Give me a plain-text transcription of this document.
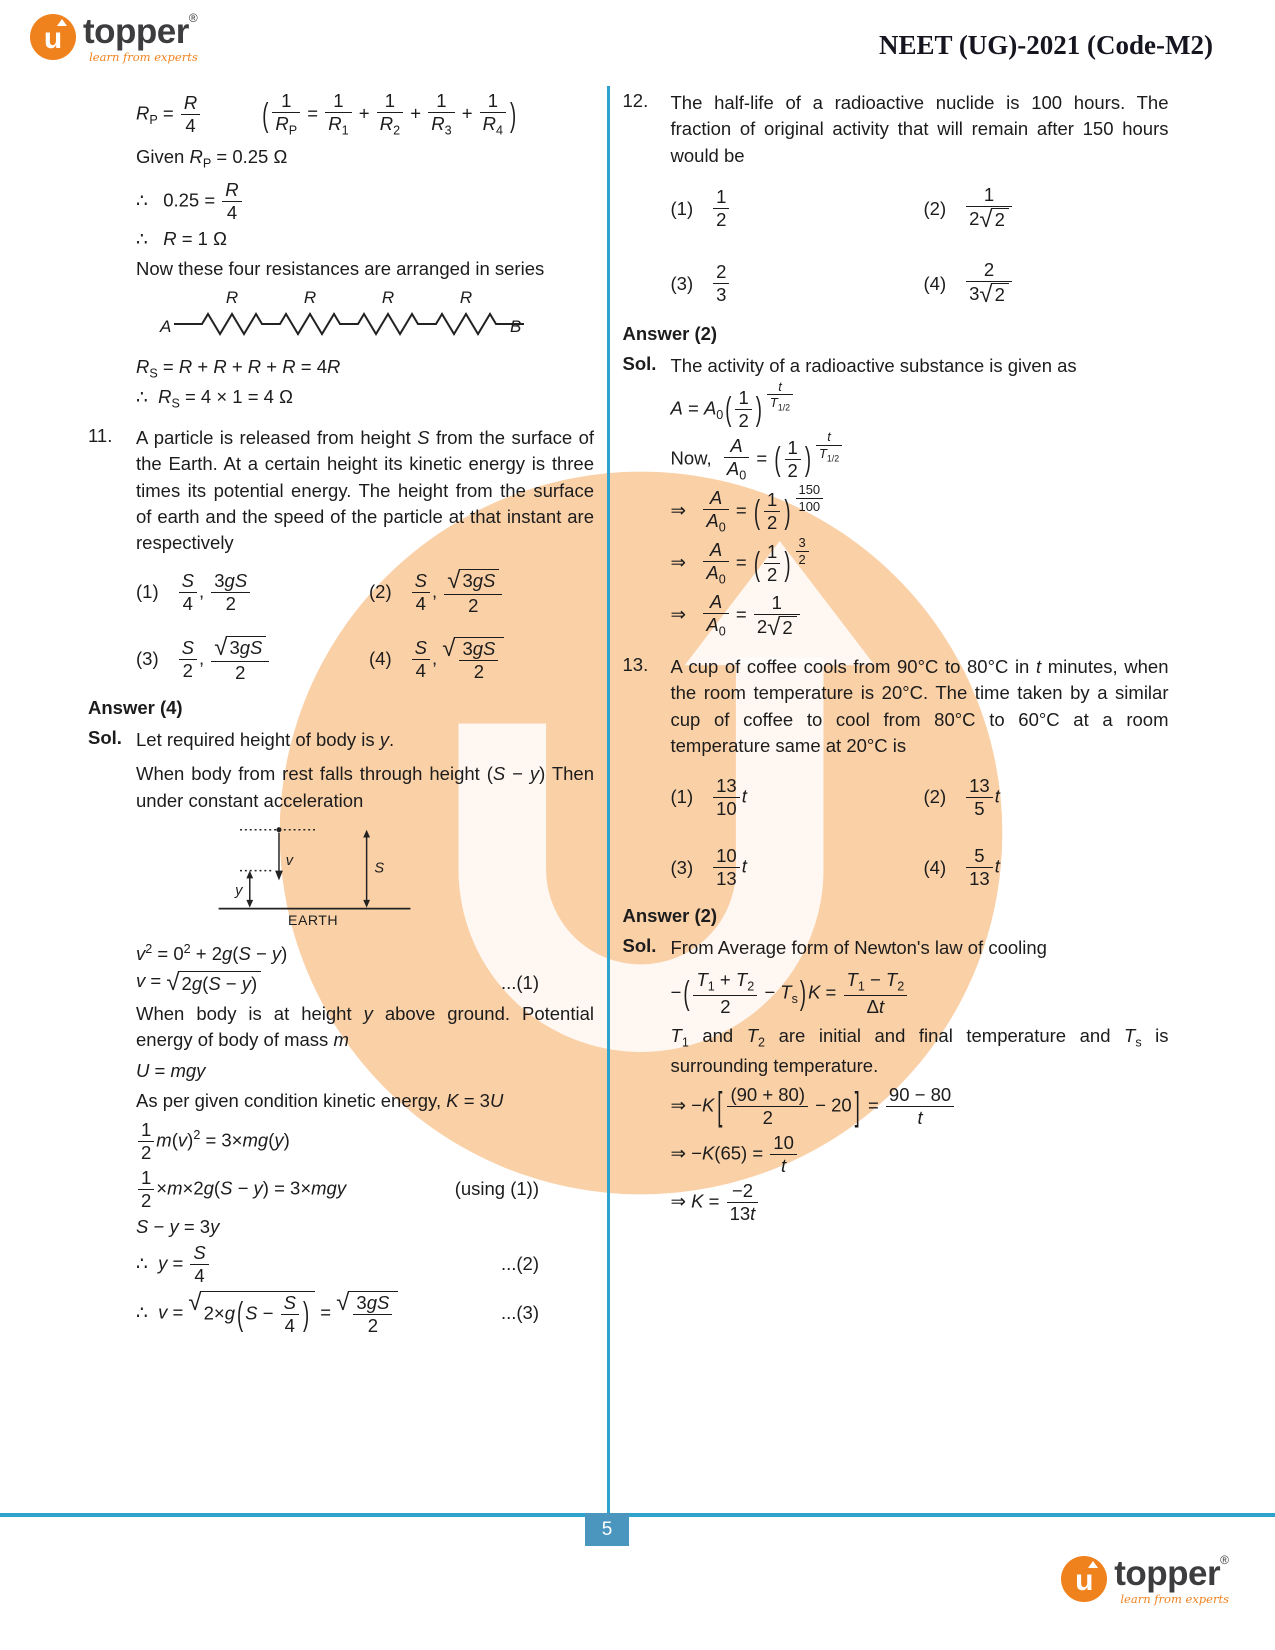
u topper®
learn from experts	NEET (UG)-2021 (Code-M2)
$R_P = \frac{R}{4}$	( $\frac{1}{R_P} = \frac{1}{R_1} + \frac{1}{R_2} + \frac{1}{R_3} + \frac{1}{R_4}$ )

Given $R_P = 0.25$ Ω

∴   $0.25 = \frac{R}{4}$
∴   R = 1 Ω

Now these four resistances are arranged in series

A	B
R	R	R	R
$R_S = R + R + R + R = 4R$
∴  $R_S = 4 \times 1 = 4$ Ω
11.	A particle is released from height S from the surface of the Earth. At a certain height its kinetic energy is three times its potential energy. The height from the surface of earth and the speed of the particle at that instant are respectively
$(1) \frac{S}{4}$ , $\frac{3gS}{2}$	$(2) \frac{S}{4}$ , $\frac{√ 3gS}{2}$
$(3) \frac{S}{2}$ , $\frac{√ 3gS}{2}$	$(4) \frac{S}{4}$ , √ $\frac{3gS}{2}$
Answer (4)
Sol. Let required height of body is y.

When body from rest falls through height (S − y) Then under constant acceleration

v
y
S
EARTH
$v^2 = 0^2 + 2g(S - y)$
v = √ 2g(S − y)	...(1)

When body is at height y above ground. Potential energy of body of mass m

U = mgy

As per given condition kinetic energy, K = 3U

$\frac{1}{2} m(v)^2 = 3\times mg(y)$
$\frac{1}{2} \times m\times 2g(S - y) = 3\times mgy$	(using (1))
S − y = 3y
∴  $y = \frac{S}{4}$	...(2)
∴  v = √ 2×g ( $S - \frac{S}{4}$ ) = √ $\frac{3gS}{2}$	...(3)
12.	The half-life of a radioactive nuclide is 100 hours. The fraction of original activity that will remain after 150 hours would be
$(1) \frac{1}{2}$	$(2) \frac{1}{2 √ 2}$
$(3) \frac{2}{3}$	$(4) \frac{2}{3 √ 2}$
Answer (2)
Sol. The activity of a radioactive substance is given as
$A = A_0$ ( $\frac{1}{2}$ ) $\frac{t}{T_{1/2}}$
Now, $\frac{A}{A_0}$ = ( $\frac{1}{2}$ ) $\frac{t}{T_{1/2}}$
⇒ $\frac{A}{A_0}$ = ( $\frac{1}{2}$ ) $\frac{150}{100}$
⇒ $\frac{A}{A_0}$ = ( $\frac{1}{2}$ ) $\frac{3}{2}$
⇒ $\frac{A}{A_0} = \frac{1}{2 √ 2}$
13.	A cup of coffee cools from 90°C to 80°C in t minutes, when the room temperature is 20°C. The time taken by a similar cup of coffee to cool from 80°C to 60°C at a room temperature same at 20°C is
$(1) \frac{13}{10}$ t	$(2) \frac{13}{5}$ t
$(3) \frac{10}{13}$ t	$(4) \frac{5}{13}$ t
Answer (2)
Sol. From Average form of Newton's law of cooling
− ( $\frac{T_1 + T_2}{2} - T_s$ ) $K = \frac{T_1 - T_2}{\Delta t}$

$T_1$ and $T_2$ are initial and final temperature and $T_s$ is surrounding temperature.

⇒ −K [ $\frac{(90 + 80)}{2} - 20$ ] = $\frac{90 - 80}{t}$
⇒ $-K(65) = \frac{10}{t}$
⇒ $K = \frac{-2}{13t}$
5
u topper®
learn from experts
